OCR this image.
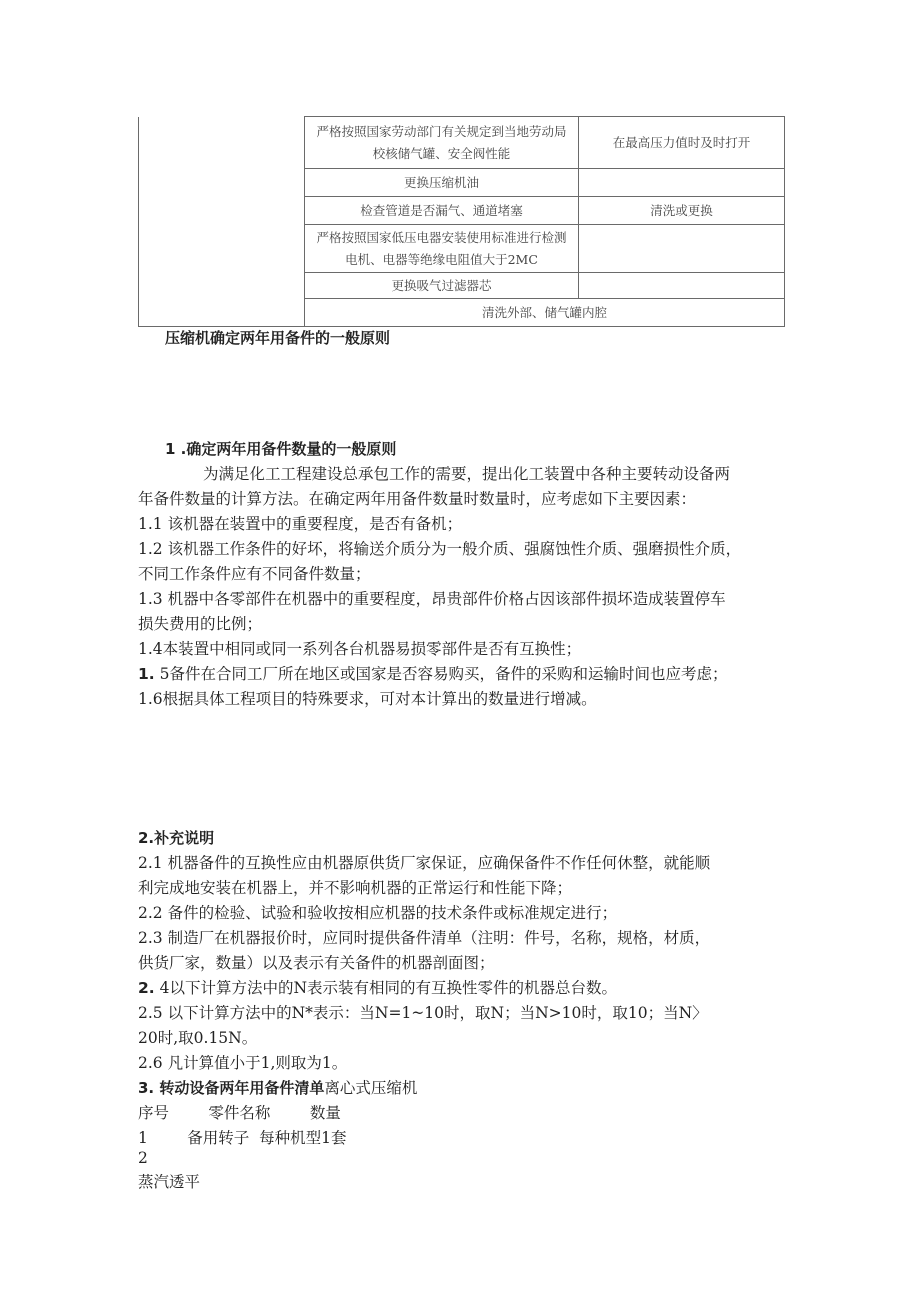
	严格按照国家劳动部门有关规定到当地劳动局
校核储气罐、安全阀性能	在最高压力值时及时打开
	更换压缩机油	
	检查管道是否漏气、通道堵塞	清洗或更换

	严格按照国家低压电器安装使用标准进行检测
电机、电器等绝缘电阻值大于2MC	

	更换吸气过滤器芯	
	清洗外部、储气罐内腔	
压缩机确定两年用备件的一般原则
1 .确定两年用备件数量的一般原则
为满足化工工程建设总承包工作的需要，提出化工装置中各种主要转动设备两
年备件数量的计算方法。在确定两年用备件数量时数量时，应考虑如下主要因素：
1.1 该机器在装置中的重要程度，是否有备机；
1.2 该机器工作条件的好坏，将输送介质分为一般介质、强腐蚀性介质、强磨损性介质，
不同工作条件应有不同备件数量；
1.3 机器中各零部件在机器中的重要程度，昂贵部件价格占因该部件损坏造成装置停车
损失费用的比例；
1.4本装置中相同或同一系列各台机器易损零部件是否有互换性；
1. 5备件在合同工厂所在地区或国家是否容易购买，备件的采购和运输时间也应考虑；
1.6根据具体工程项目的特殊要求，可对本计算出的数量进行增减。
2.补充说明
2.1 机器备件的互换性应由机器原供货厂家保证，应确保备件不作任何休整，就能顺
利完成地安装在机器上，并不影响机器的正常运行和性能下降；
2.2 备件的检验、试验和验收按相应机器的技术条件或标准规定进行；
2.3 制造厂在机器报价时，应同时提供备件清单（注明：件号，名称，规格，材质，
供货厂家，数量）以及表示有关备件的机器剖面图；
2. 4以下计算方法中的N表示装有相同的有互换性零件的机器总台数。
2.5 以下计算方法中的N*表示：当N=1~10时，取N；当N>10时，取10；当N〉
20时,取0.15N。
2.6 凡计算值小于1,则取为1。
3. 转动设备两年用备件清单离心式压缩机
序号        零件名称        数量
1        备用转子  每种机型1套
2
蒸汽透平
